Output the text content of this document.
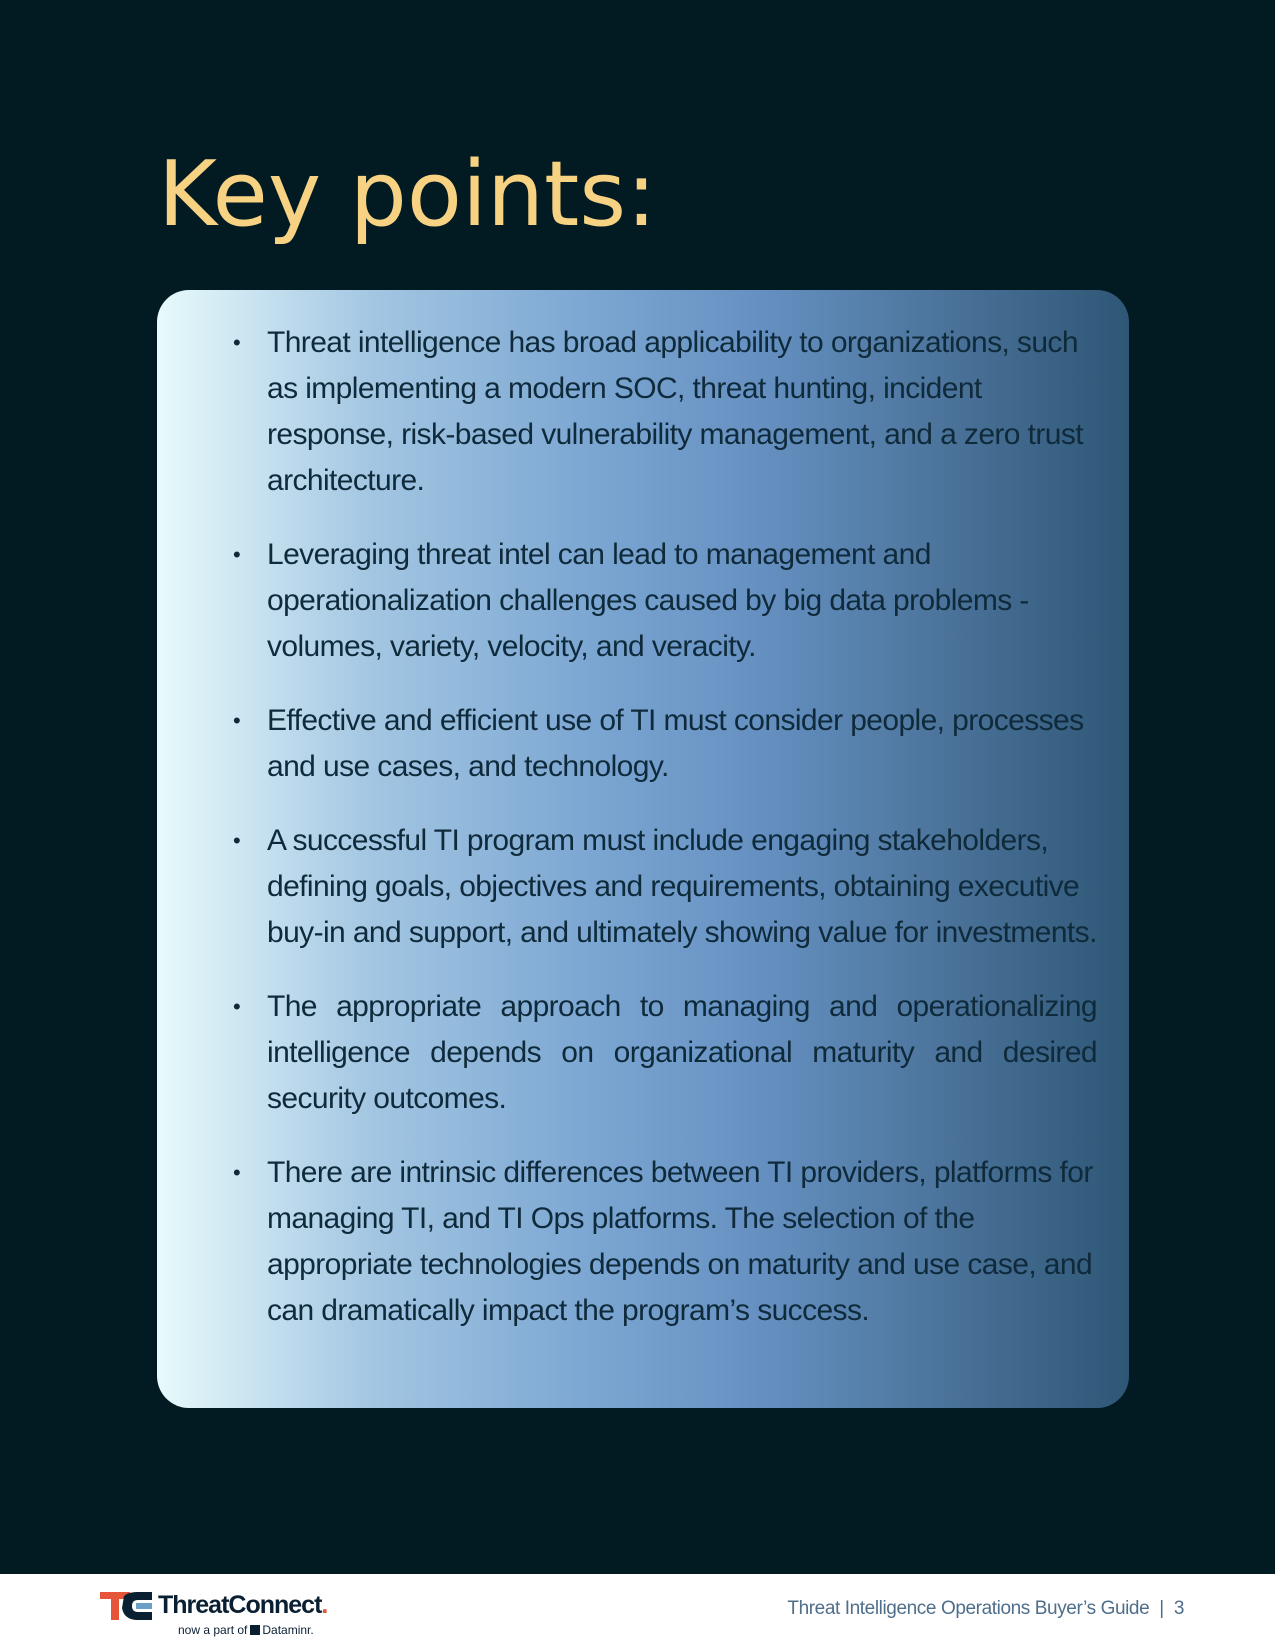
Key points:
• Threat intelligence has broad applicability to organizations, such as implementing a modern SOC, threat hunting, incident response, risk-based vulnerability management, and a zero trust architecture.
• Leveraging threat intel can lead to management and operationalization challenges caused by big data problems - volumes, variety, velocity, and veracity.
• Effective and efficient use of TI must consider people, processes and use cases, and technology.
• A successful TI program must include engaging stakeholders, defining goals, objectives and requirements, obtaining executive buy-in and support, and ultimately showing value for investments.
• The appropriate approach to managing and operationalizing intelligence depends on organizational maturity and desired security outcomes.
• There are intrinsic differences between TI providers, platforms for managing TI, and TI Ops platforms. The selection of the appropriate technologies depends on maturity and use case, and can dramatically impact the program’s success.
ThreatConnect.
now a part of Dataminr.
Threat Intelligence Operations Buyer’s Guide | 3
